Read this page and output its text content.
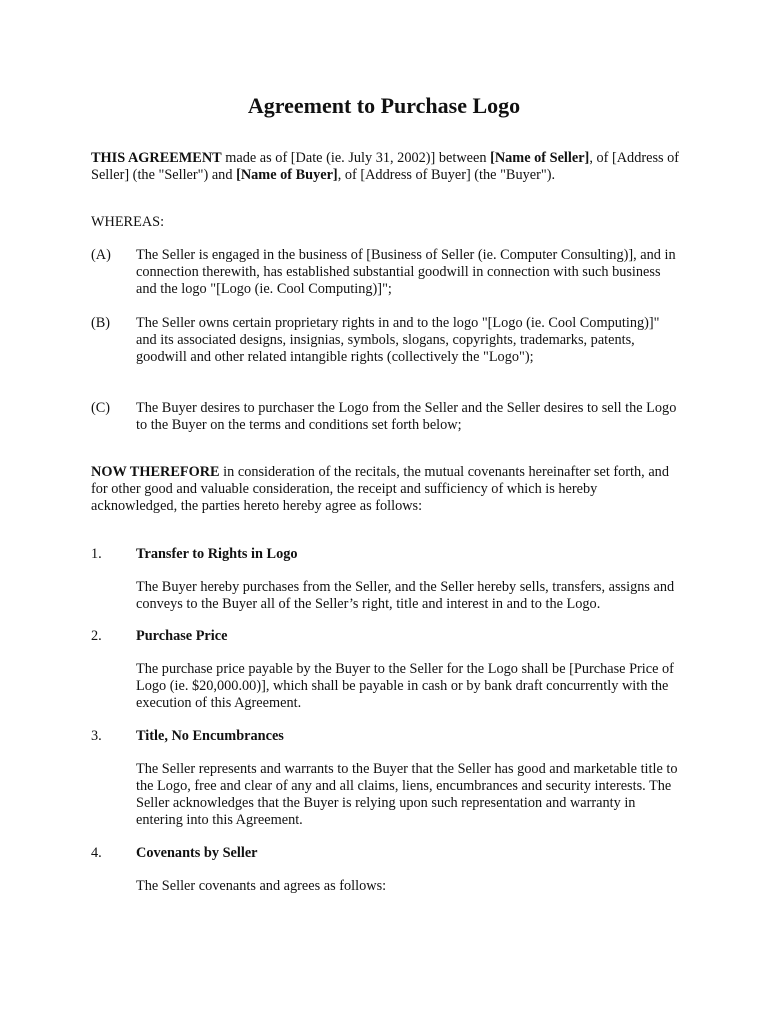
Agreement to Purchase Logo

THIS AGREEMENT made as of [Date (ie. July 31, 2002)] between [Name of Seller], of [Address of Seller] (the "Seller") and [Name of Buyer], of [Address of Buyer] (the "Buyer").

WHEREAS:

(A)	The Seller is engaged in the business of [Business of Seller (ie. Computer Consulting)], and in connection therewith, has established substantial goodwill in connection with such business and the logo "[Logo (ie. Cool Computing)]";

(B)	The Seller owns certain proprietary rights in and to the logo "[Logo (ie. Cool Computing)]" and its associated designs, insignias, symbols, slogans, copyrights, trademarks, patents, goodwill and other related intangible rights (collectively the "Logo");

(C)	The Buyer desires to purchaser the Logo from the Seller and the Seller desires to sell the Logo to the Buyer on the terms and conditions set forth below;

NOW THEREFORE in consideration of the recitals, the mutual covenants hereinafter set forth, and for other good and valuable consideration, the receipt and sufficiency of which is hereby acknowledged, the parties hereto hereby agree as follows:

1.	Transfer to Rights in Logo

The Buyer hereby purchases from the Seller, and the Seller hereby sells, transfers, assigns and conveys to the Buyer all of the Seller’s right, title and interest in and to the Logo.

2.	Purchase Price

The purchase price payable by the Buyer to the Seller for the Logo shall be [Purchase Price of Logo (ie. $20,000.00)], which shall be payable in cash or by bank draft concurrently with the execution of this Agreement.

3.	Title, No Encumbrances

The Seller represents and warrants to the Buyer that the Seller has good and marketable title to the Logo, free and clear of any and all claims, liens, encumbrances and security interests. The Seller acknowledges that the Buyer is relying upon such representation and warranty in entering into this Agreement.

4.	Covenants by Seller

The Seller covenants and agrees as follows:
